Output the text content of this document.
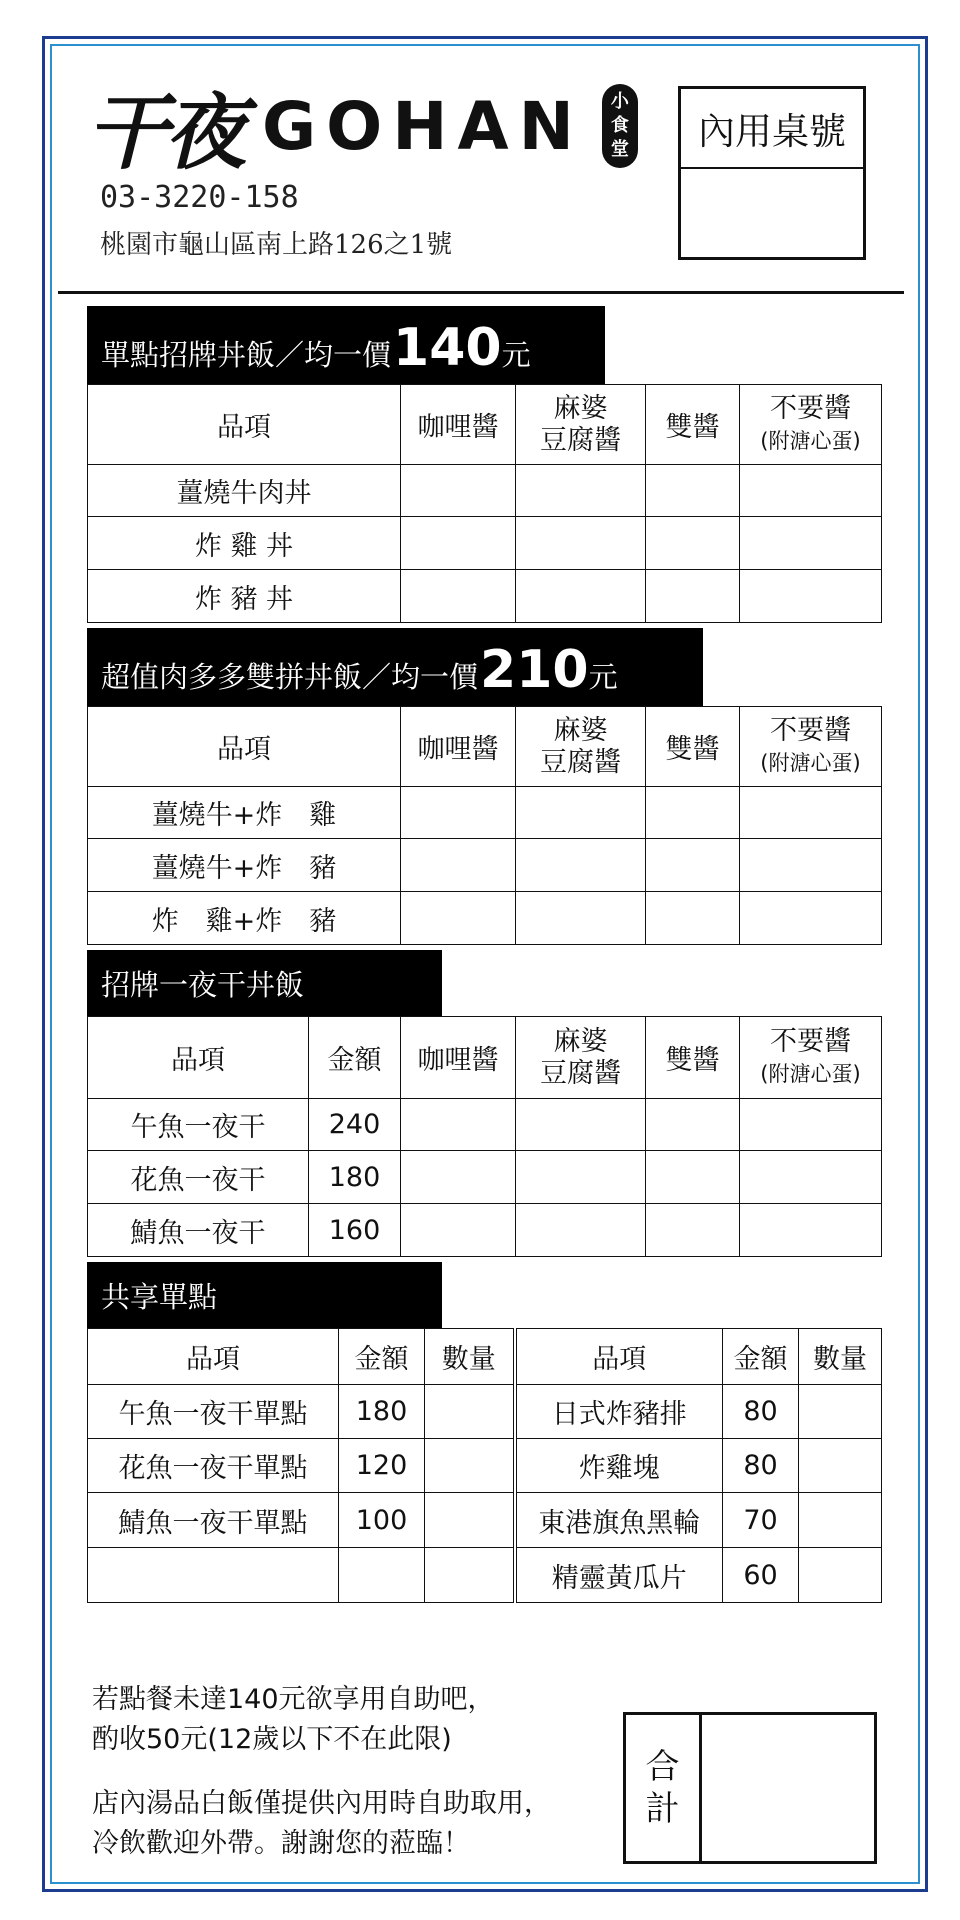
干夜 GOHAN 小
食
堂
03-3220-158
桃園市龜山區南上路126之1號
內用桌號
單點招牌丼飯／均一價 140 元
品項	咖哩醬	麻婆
豆腐醬	雙醬	不要醬
(附溏心蛋)

薑燒牛肉丼				
炸 雞 丼				
炸 豬 丼				
超值肉多多雙拼丼飯／均一價 210 元
品項	咖哩醬	麻婆
豆腐醬	雙醬	不要醬
(附溏心蛋)

薑燒牛+炸　雞				
薑燒牛+炸　豬				
炸　雞+炸　豬				
招牌一夜干丼飯
品項	金額	咖哩醬	麻婆
豆腐醬	雙醬	不要醬
(附溏心蛋)

午魚一夜干	240				
花魚一夜干	180				
鯖魚一夜干	160				
共享單點
品項	金額	數量	品項	金額	數量
午魚一夜干單點	180		日式炸豬排	80	
花魚一夜干單點	120		炸雞塊	80	
鯖魚一夜干單點	100		東港旗魚黑輪	70	
			精靈黃瓜片	60	
若點餐未達140元欲享用自助吧，
酌收50元(12歲以下不在此限)
店內湯品白飯僅提供內用時自助取用，
冷飲歡迎外帶。謝謝您的蒞臨！
合
計
